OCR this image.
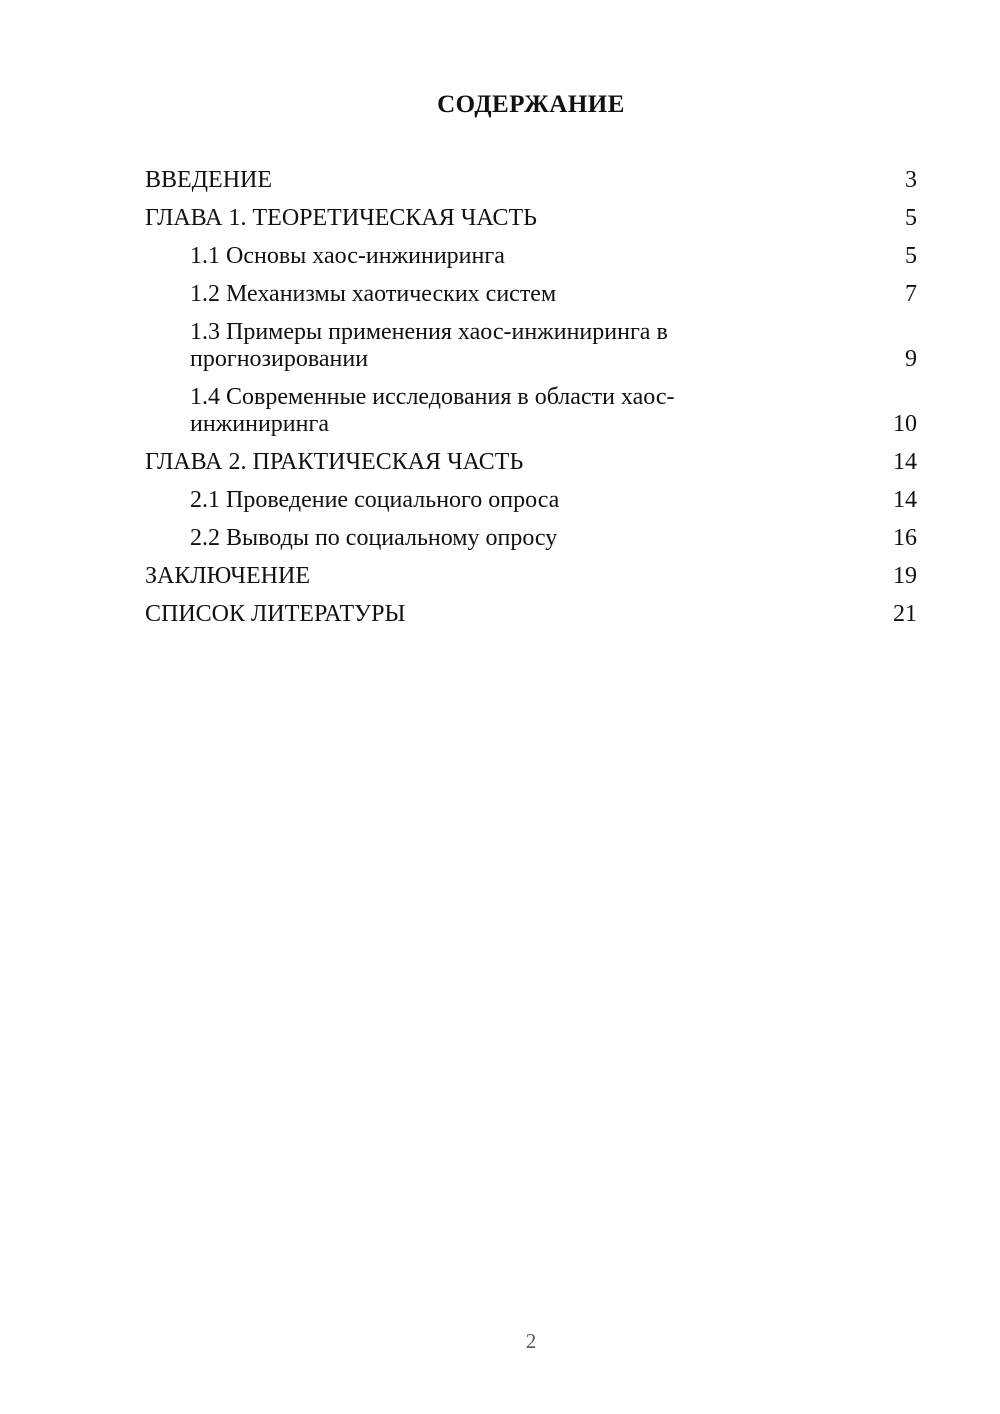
СОДЕРЖАНИЕ
ВВЕДЕНИЕ	3
ГЛАВА 1. ТЕОРЕТИЧЕСКАЯ ЧАСТЬ	5
1.1 Основы хаос-инжиниринга	5
1.2 Механизмы хаотических систем	7
1.3 Примеры применения хаос-инжиниринга в прогнозировании	9
1.4 Современные исследования в области хаос-инжиниринга	10
ГЛАВА 2. ПРАКТИЧЕСКАЯ ЧАСТЬ	14
2.1 Проведение социального опроса	14
2.2 Выводы по социальному опросу	16
ЗАКЛЮЧЕНИЕ	19
СПИСОК ЛИТЕРАТУРЫ	21
2
